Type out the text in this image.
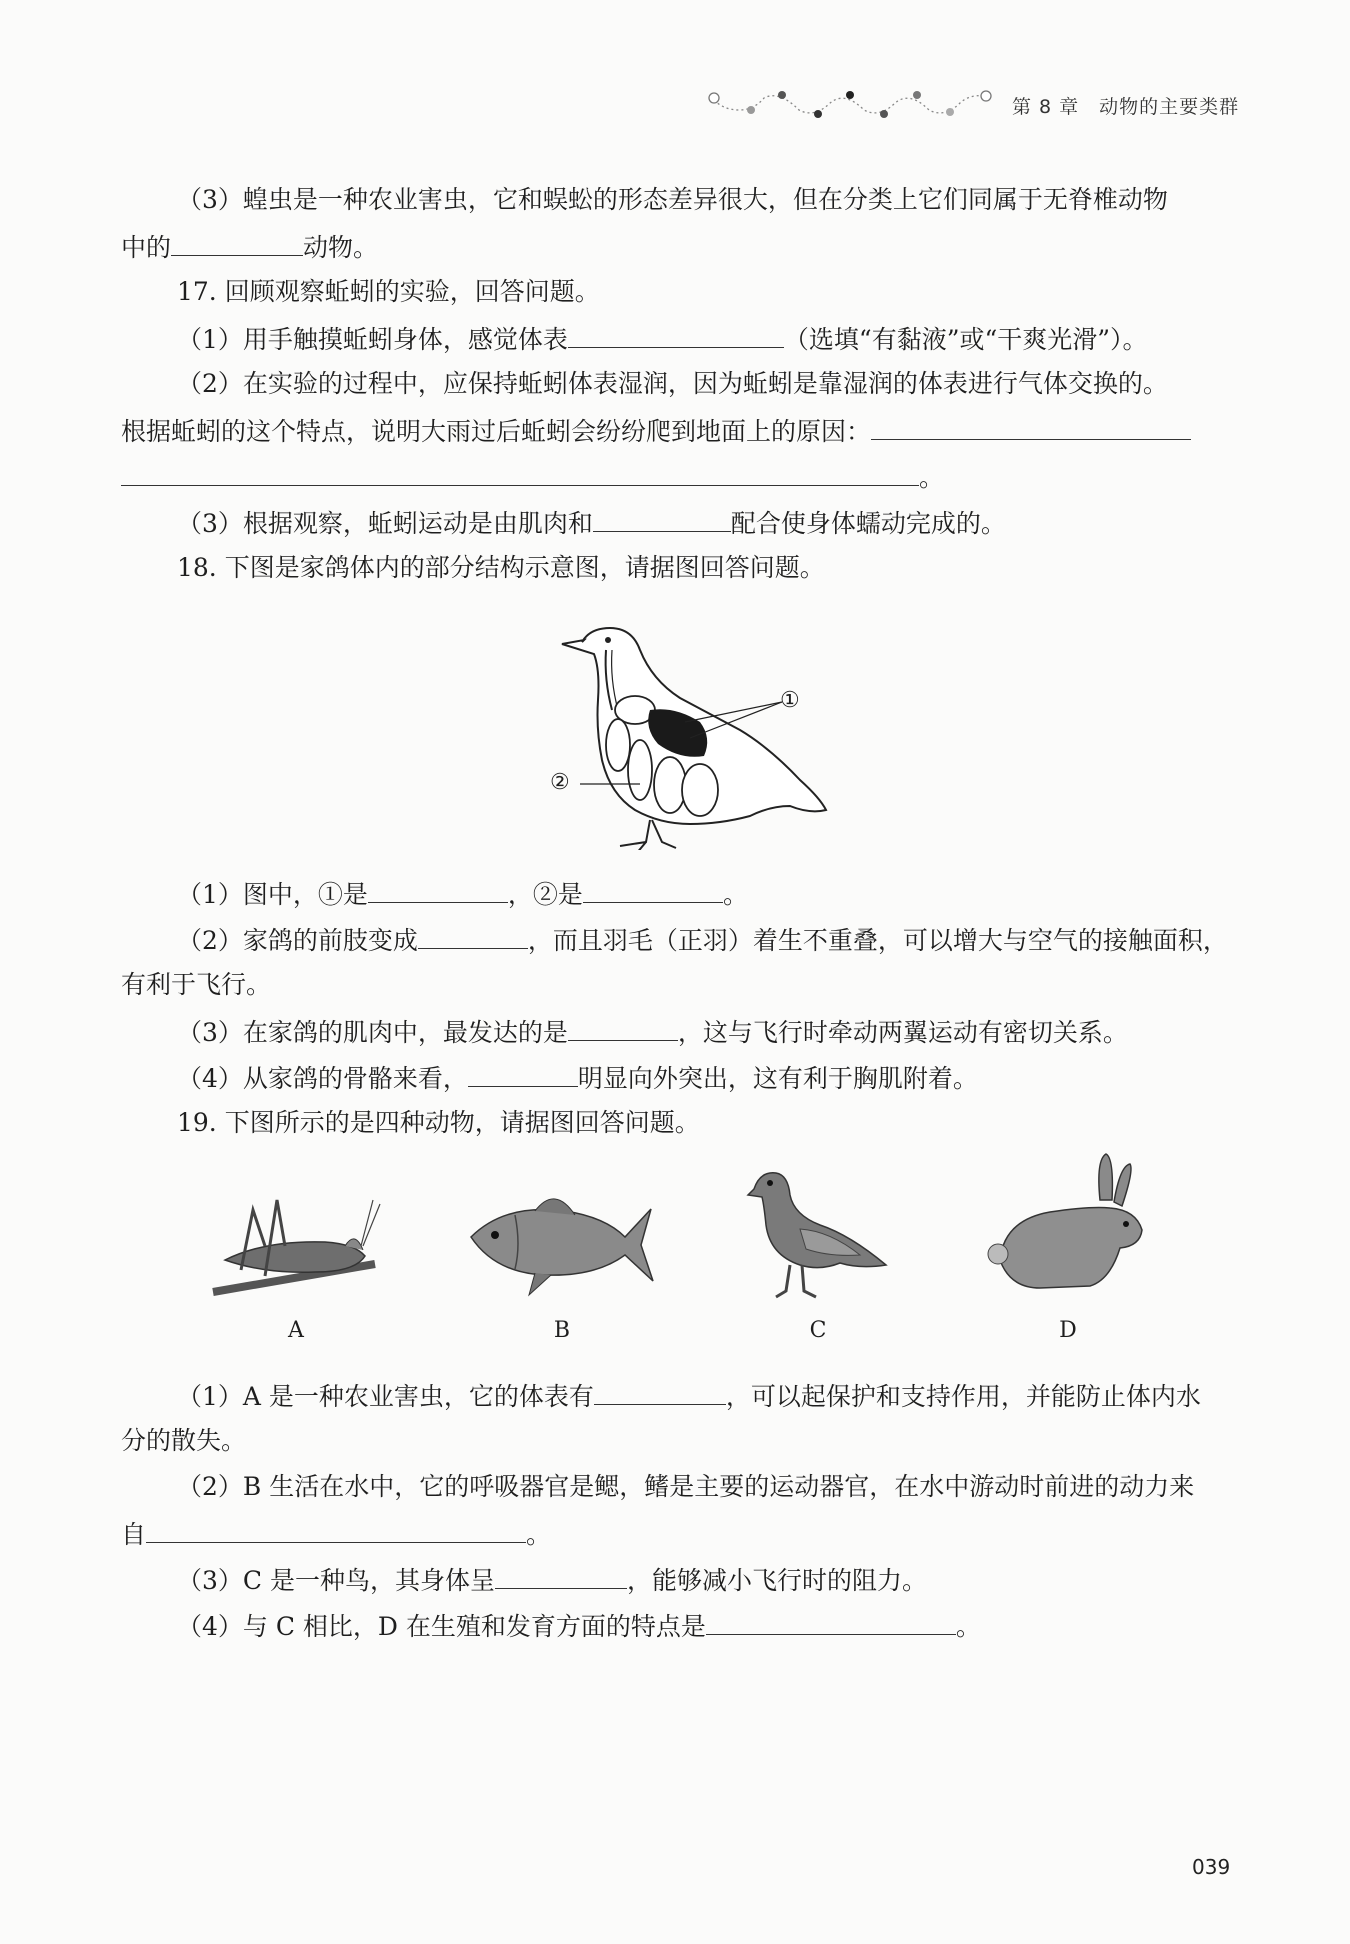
第 8 章　动物的主要类群
（3）蝗虫是一种农业害虫，它和蜈蚣的形态差异很大，但在分类上它们同属于无脊椎动物
中的	动物。
17. 回顾观察蚯蚓的实验，回答问题。
（1）用手触摸蚯蚓身体，感觉体表	（选填“有黏液”或“干爽光滑”）。
（2）在实验的过程中，应保持蚯蚓体表湿润，因为蚯蚓是靠湿润的体表进行气体交换的。
根据蚯蚓的这个特点，说明大雨过后蚯蚓会纷纷爬到地面上的原因：
。
（3）根据观察，蚯蚓运动是由肌肉和	配合使身体蠕动完成的。
18. 下图是家鸽体内的部分结构示意图，请据图回答问题。
①
②
（1）图中，①是	，②是	。
（2）家鸽的前肢变成	，而且羽毛（正羽）着生不重叠，可以增大与空气的接触面积，
有利于飞行。
（3）在家鸽的肌肉中，最发达的是	，这与飞行时牵动两翼运动有密切关系。
（4）从家鸽的骨骼来看，	明显向外突出，这有利于胸肌附着。
19. 下图所示的是四种动物，请据图回答问题。
A	B	C	D
（1）A 是一种农业害虫，它的体表有	，可以起保护和支持作用，并能防止体内水
分的散失。
（2）B 生活在水中，它的呼吸器官是鳃，鳍是主要的运动器官，在水中游动时前进的动力来
自	。
（3）C 是一种鸟，其身体呈	，能够减小飞行时的阻力。
（4）与 C 相比，D 在生殖和发育方面的特点是	。
039
